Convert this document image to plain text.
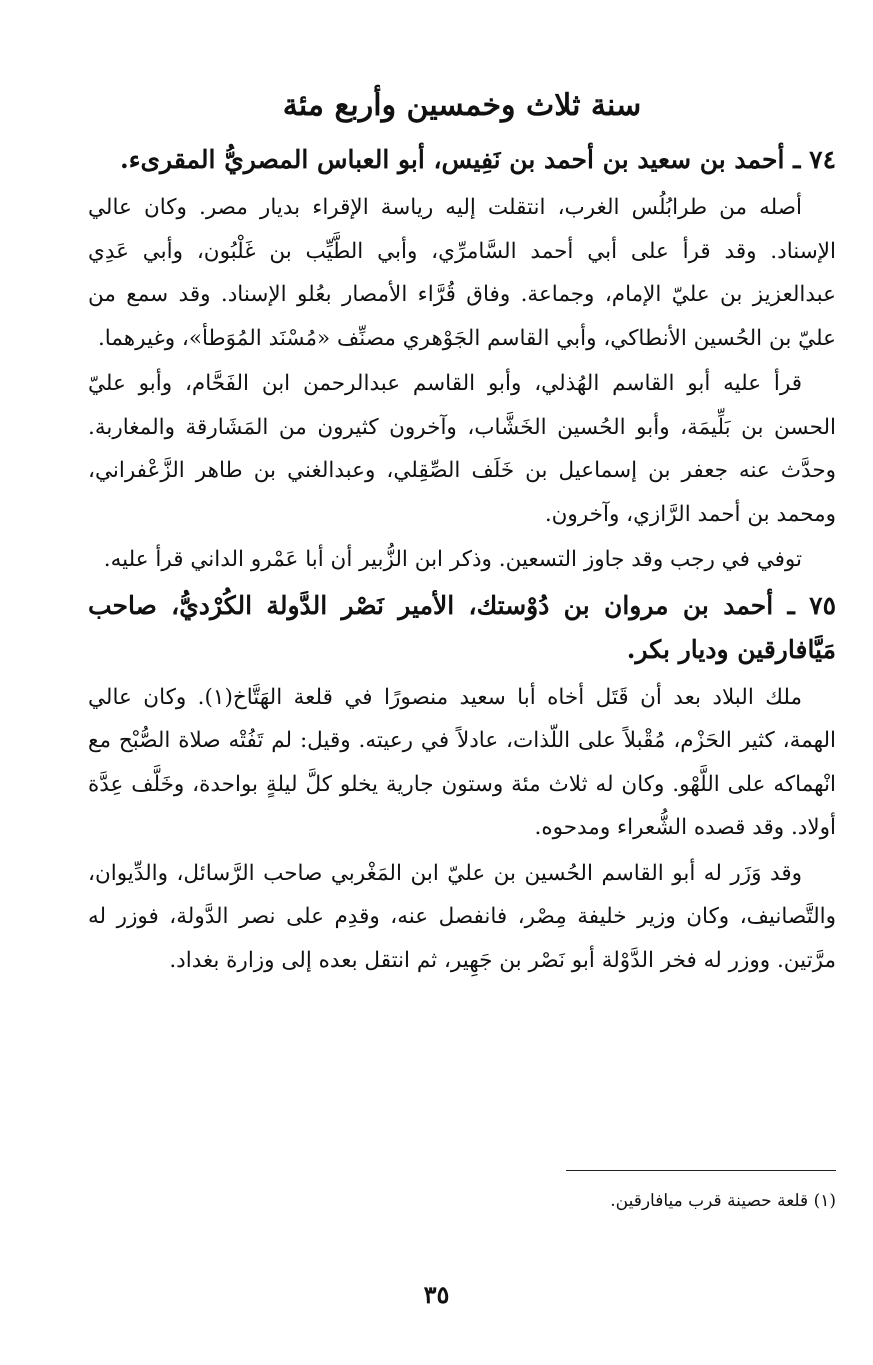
سنة ثلاث وخمسين وأربع مئة
٧٤ ـ أحمد بن سعيد بن أحمد بن نَفِيس، أبو العباس المصريُّ المقرىء.

أصله من طرابُلُس الغرب، انتقلت إليه رياسة الإقراء بديار مصر. وكان عالي الإسناد. وقد قرأ على أبي أحمد السَّامرِّي، وأبي الطَّيِّب بن غَلْبُون، وأبي عَدِي عبدالعزيز بن عليّ الإمام، وجماعة. وفاق قُرَّاء الأمصار بعُلو الإسناد. وقد سمع من عليّ بن الحُسين الأنطاكي، وأبي القاسم الجَوْهري مصنِّف «مُسْنَد المُوَطأ»، وغيرهما.

قرأ عليه أبو القاسم الهُذلي، وأبو القاسم عبدالرحمن ابن الفَحَّام، وأبو عليّ الحسن بن بَلِّيمَة، وأبو الحُسين الخَشَّاب، وآخرون كثيرون من المَشَارقة والمغاربة. وحدَّث عنه جعفر بن إسماعيل بن خَلَف الصِّقِلي، وعبدالغني بن طاهر الزَّعْفراني، ومحمد بن أحمد الرَّازي، وآخرون.

توفي في رجب وقد جاوز التسعين. وذكر ابن الزُّبير أن أبا عَمْرو الداني قرأ عليه.

٧٥ ـ أحمد بن مروان بن دُوْستك، الأمير نَصْر الدَّولة الكُرْديُّ، صاحب مَيَّافارقين وديار بكر.

ملك البلاد بعد أن قَتَل أخاه أبا سعيد منصورًا في قلعة الهَتَّاخ(١). وكان عالي الهمة، كثير الحَزْم، مُقْبلاً على اللّذات، عادلاً في رعيته. وقيل: لم تَفُتْه صلاة الصُّبْح مع انْهماكه على اللَّهْو. وكان له ثلاث مئة وستون جارية يخلو كلَّ ليلةٍ بواحدة، وخَلَّف عِدَّة أولاد. وقد قصده الشُّعراء ومدحوه.

وقد وَزَر له أبو القاسم الحُسين بن عليّ ابن المَغْربي صاحب الرَّسائل، والدِّيوان، والتَّصانيف، وكان وزير خليفة مِصْر، فانفصل عنه، وقدِم على نصر الدَّولة، فوزر له مرَّتين. ووزر له فخر الدَّوْلة أبو نَصْر بن جَهِير، ثم انتقل بعده إلى وزارة بغداد.

(١) قلعة حصينة قرب ميافارقين.
٣٥
